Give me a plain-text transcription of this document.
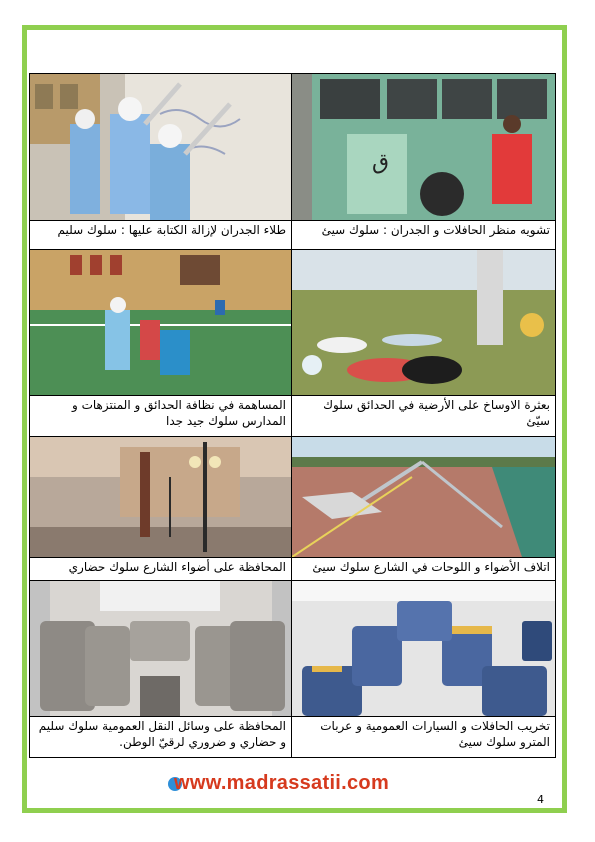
ق

طلاء الجدران لإزالة الكتابة عليها : سلوك سليم	تشويه منظر الحافلات و الجدران : سلوك سيئ

المساهمة في نظافة الحدائق و المنتزهات و المدارس سلوك جيد جدا	بعثرة الاوساخ على الأرضية في الحدائق سلوك سيّئ

المحافظة على أضواء الشارع سلوك حضاري	اتلاف الأضواء و اللوحات في الشارع سلوك سيئ

المحافظة على وسائل النقل العمومية سلوك سليم و حضاري و ضروري لرقيّ الوطن.	تخريب الحافلات و السيارات العمومية و عربات المترو سلوك سيئ
www.madrassatii.com
4
